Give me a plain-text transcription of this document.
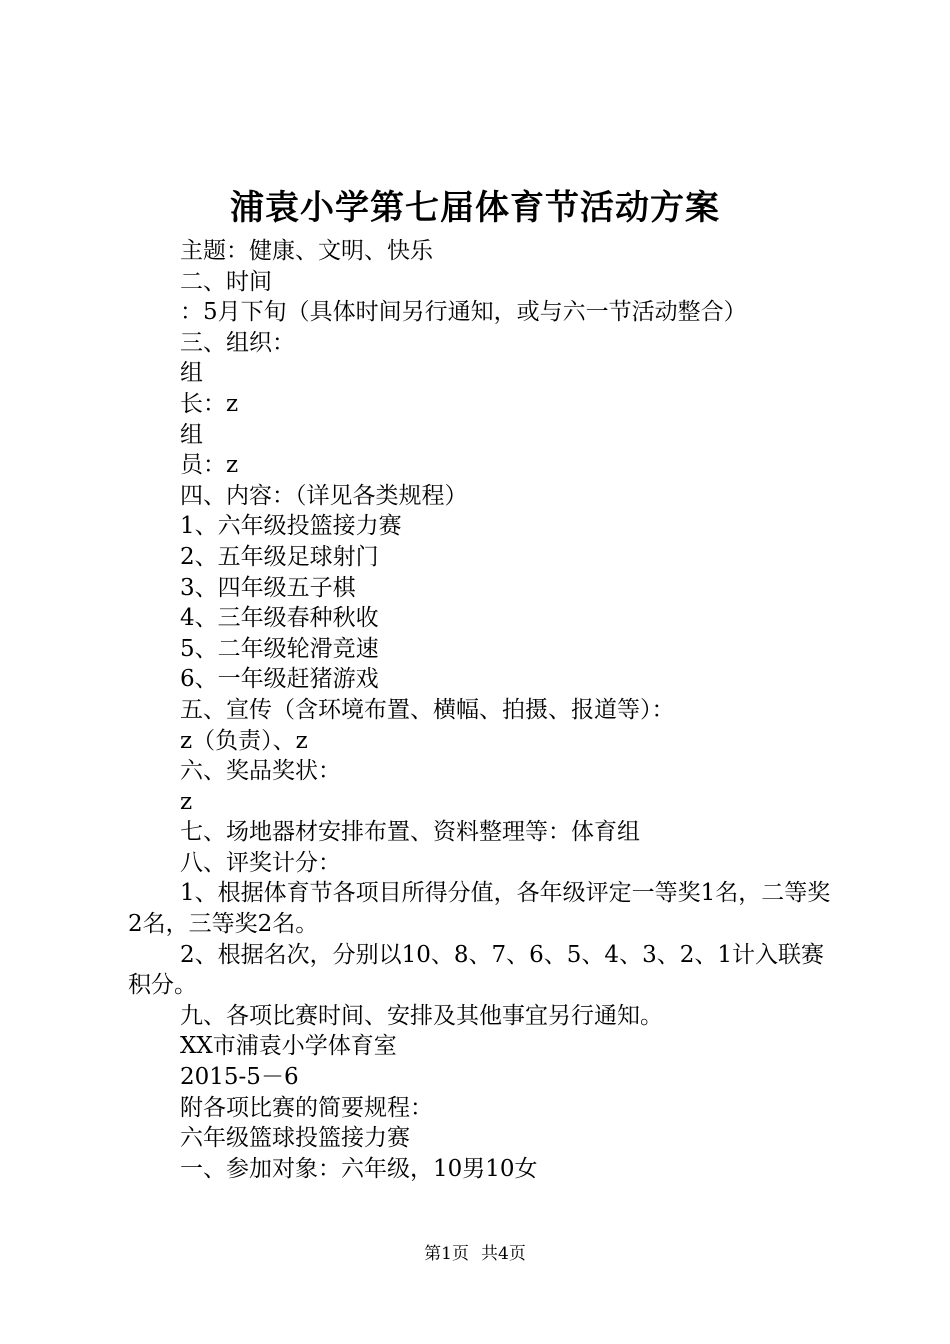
浦袁小学第七届体育节活动方案
主题：健康、文明、快乐
二、时间
：5月下旬（具体时间另行通知，或与六一节活动整合）
三、组织：
组
长：z
组
员：z
四、内容：（详见各类规程）
1、六年级投篮接力赛
2、五年级足球射门
3、四年级五子棋
4、三年级春种秋收
5、二年级轮滑竞速
6、一年级赶猪游戏
五、宣传（含环境布置、横幅、拍摄、报道等）：
z（负责）、z
六、奖品奖状：
z
七、场地器材安排布置、资料整理等：体育组
八、评奖计分：
1、根据体育节各项目所得分值，各年级评定一等奖1名，二等奖2名，三等奖2名。
2、根据名次，分别以10、8、7、6、5、4、3、2、1计入联赛积分。
九、各项比赛时间、安排及其他事宜另行通知。
XX市浦袁小学体育室
2015-5－6
附各项比赛的简要规程：
六年级篮球投篮接力赛
一、参加对象：六年级，10男10女
第1页 共4页
